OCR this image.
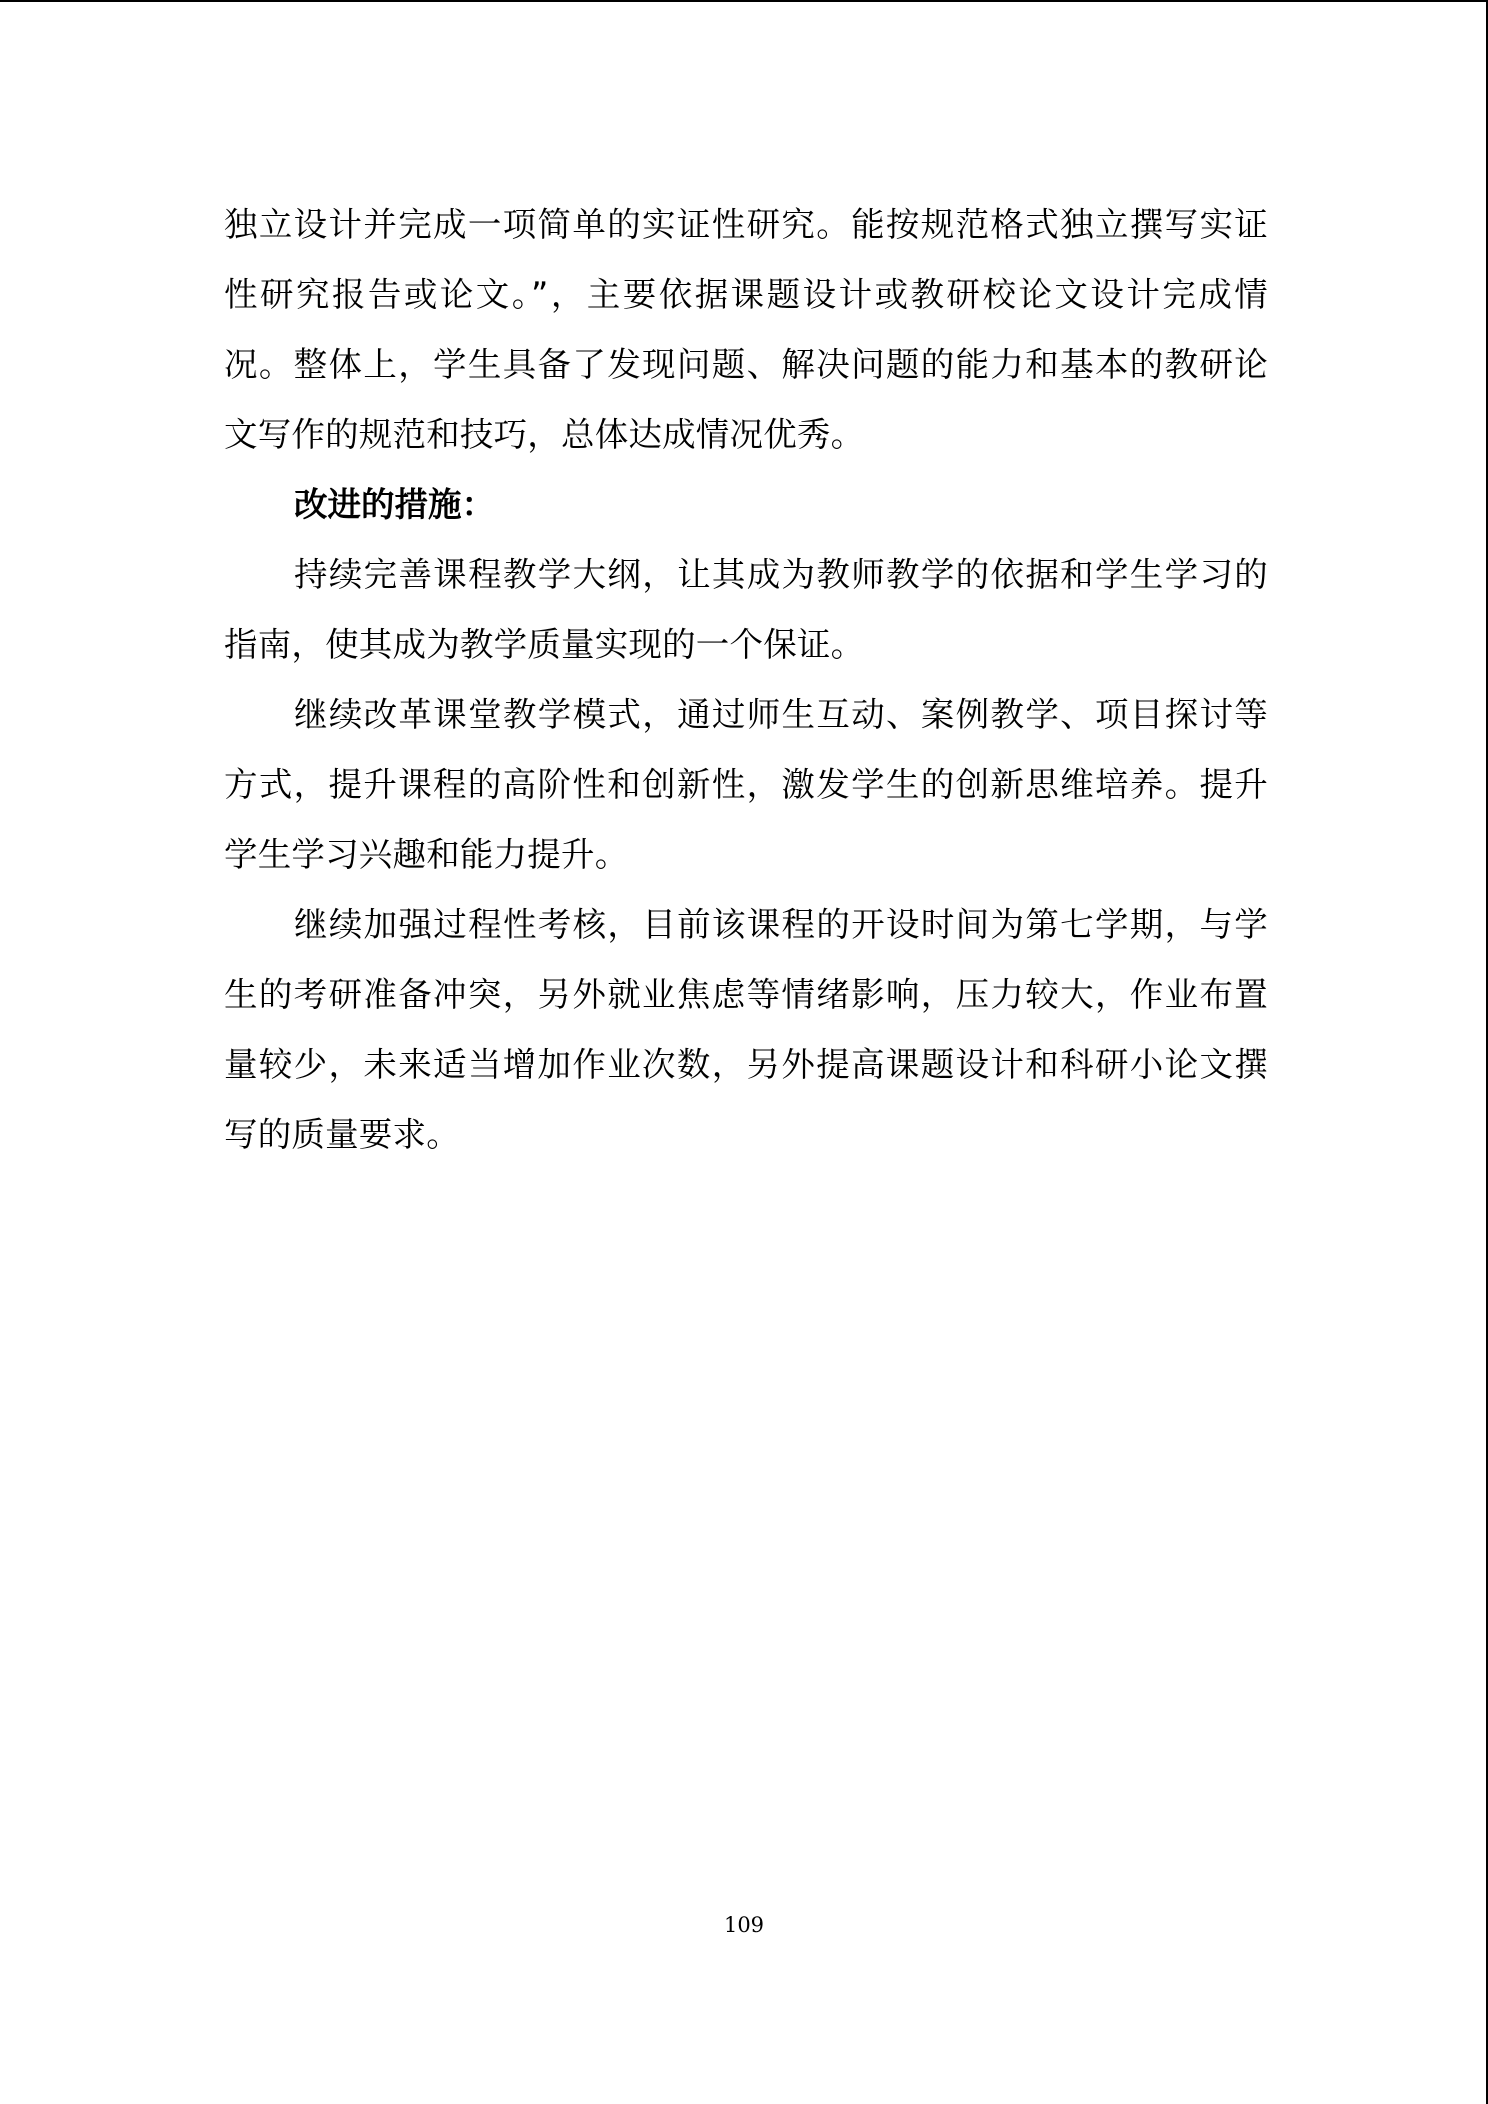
独立设计并完成一项简单的实证性研究。能按规范格式独立撰写实证性研究报告或论文。”，主要依据课题设计或教研校论文设计完成情况。整体上，学生具备了发现问题、解决问题的能力和基本的教研论文写作的规范和技巧，总体达成情况优秀。

改进的措施：

持续完善课程教学大纲，让其成为教师教学的依据和学生学习的指南，使其成为教学质量实现的一个保证。

继续改革课堂教学模式，通过师生互动、案例教学、项目探讨等方式，提升课程的高阶性和创新性，激发学生的创新思维培养。提升学生学习兴趣和能力提升。

继续加强过程性考核，目前该课程的开设时间为第七学期，与学生的考研准备冲突，另外就业焦虑等情绪影响，压力较大，作业布置量较少，未来适当增加作业次数，另外提高课题设计和科研小论文撰写的质量要求。

109
